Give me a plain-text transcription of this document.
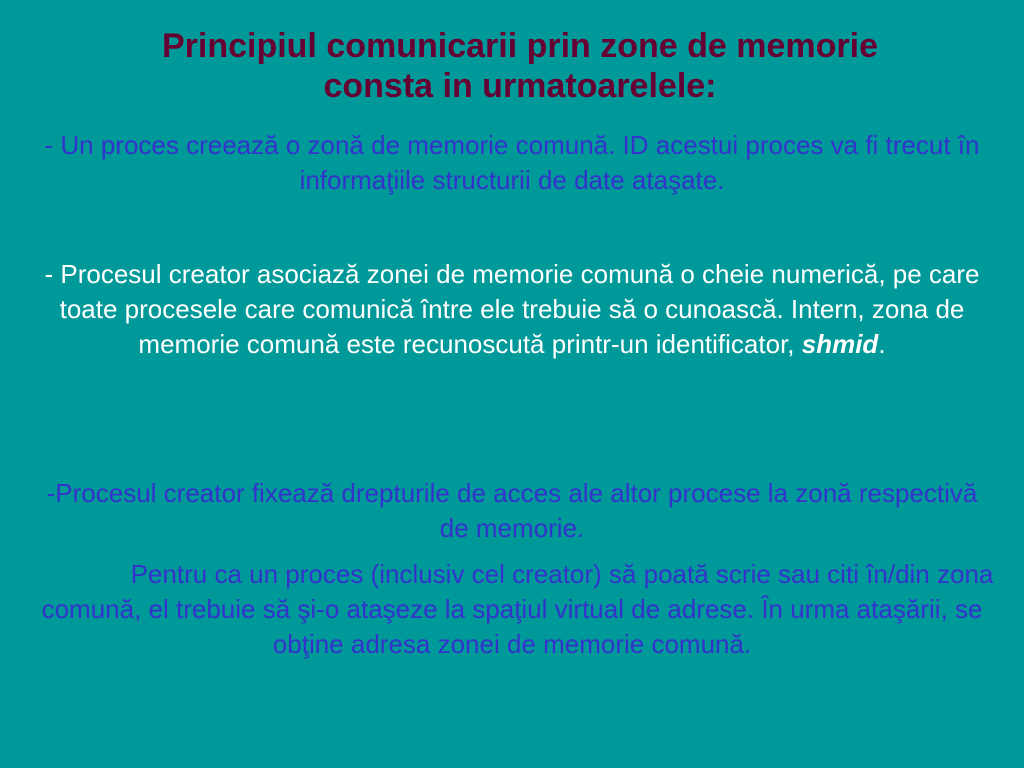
Principiul comunicarii prin zone de memorie
consta in urmatoarelele:

- Un proces creează o zonă de memorie comună. ID acestui proces va fi trecut în informaţiile structurii de date ataşate.

- Procesul creator asociază zonei de memorie comună o cheie numerică, pe care toate procesele care comunică între ele trebuie să o cunoască. Intern, zona de memorie comună este recunoscută printr-un identificator, shmid.

-Procesul creator fixează drepturile de acces ale altor procese la zonă respectivă de memorie.

Pentru ca un proces (inclusiv cel creator) să poată scrie sau citi în/din zona comună, el trebuie să şi-o ataşeze la spaţiul virtual de adrese. În urma ataşării, se obţine adresa zonei de memorie comună.
